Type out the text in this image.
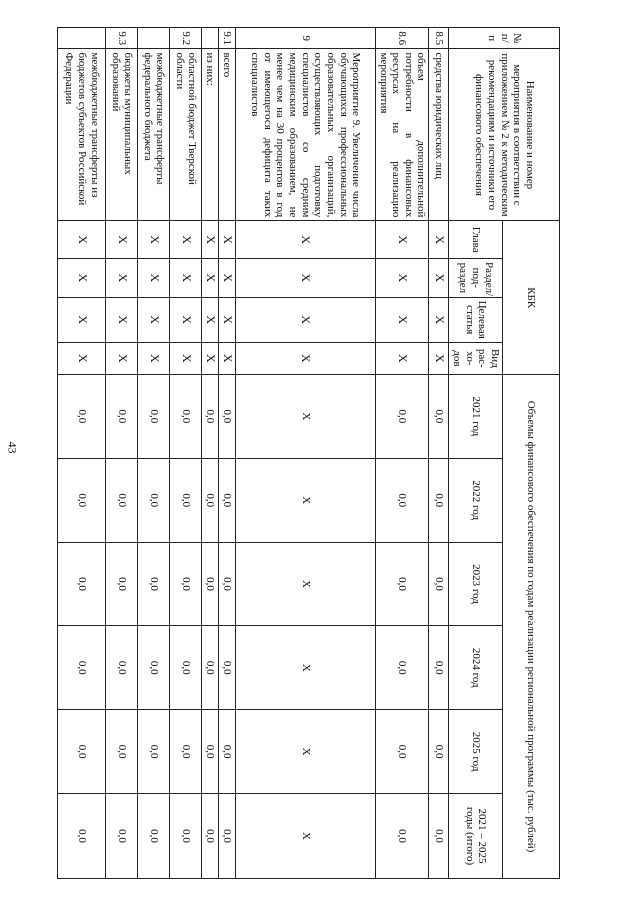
43
№ п/п	Наименование и номер мероприятия в соответствии с приложением № 2 к методическим рекомендациям и источники его финансового обеспечения	КБК				Объемы финансового обеспечения по годам реализации региональной программы (тыс. рублей)					
		Глава	Раздел/ под-раздел	Целевая статья	Вид рас-хо-дов	2021 год	2022 год	2023 год	2024 год	2025 год	2021 – 2025 годы (итого)
8.5	средства юридических лиц	X	X	X	X	0,0	0,0	0,0	0,0	0,0	0,0
8.6	объем дополнительной потребности в финансовых ресурсах на реализацию мероприятия	X	X	X	X	0,0	0,0	0,0	0,0	0,0	0,0
9	Мероприятие 9. Увеличение числа обучающихся профессиональных образовательных организаций, осуществляющих подготовку специалистов со средним медицинским образованием, не менее чем на 30 процентов в год от имеющегося дефицита таких специалистов	X	X	X	X	X	X	X	X	X	X
9.1	всего	X	X	X	X	0,0	0,0	0,0	0,0	0,0	0,0
	из них:	X	X	X	X	0,0	0,0	0,0	0,0	0,0	0,0
9.2	областной бюджет Тверской области	X	X	X	X	0,0	0,0	0,0	0,0	0,0	0,0
	межбюджетные трансферты федерального бюджета	X	X	X	X	0,0	0,0	0,0	0,0	0,0	0,0
9.3	бюджеты муниципальных образований	X	X	X	X	0,0	0,0	0,0	0,0	0,0	0,0
	межбюджетные трансферты из бюджетов субъектов Российской Федерации	X	X	X	X	0,0	0,0	0,0	0,0	0,0	0,0
